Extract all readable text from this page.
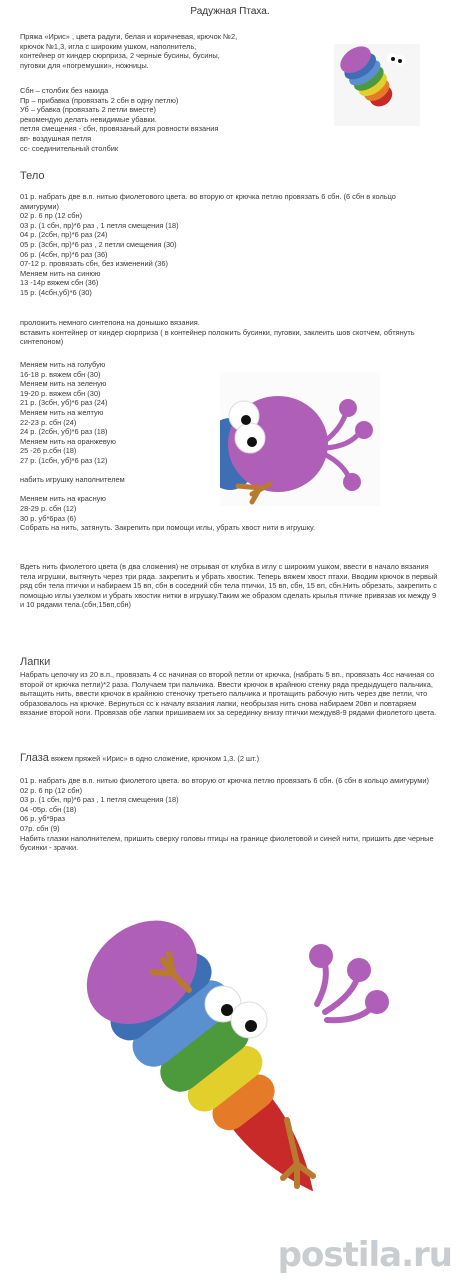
Радужная Птаха.
Пряжа «Ирис» , цвета радуги, белая и коричневая, крючок №2,
крючок №1,3, игла с широким ушком, наполнитель,
контейнер от киндер сюрприза, 2 черные бусины, бусины,
пуговки для «погремушки», ножницы.
Сбн – столбик без накида
Пр – прибавка (провязать 2 сбн в одну петлю)
Уб – убавка (провязать 2 петли вместе)
рекомендую делать невидимые убавки.
петля смещения - сбн, провязаный для ровности вязания
вп- воздушная петля
сс- соединительный столбик
Тело
01 р. набрать две в.п. нитью фиолетового цвета. во вторую от крючка петлю провязать 6 сбн. (6 сбн в кольцо амигуруми)
02 р. 6 пр (12 сбн)
03 р. (1 сбн, пр)*6 раз , 1 петля смещения (18)
04 р. (2сбн, пр)*6 раз (24)
05 р. (3сбн, пр)*6 раз , 2 петли смещения (30)
06 р. (4сбн, пр)*6 раз (36)
07-12 р. провязать сбн, без изменений (36)
Меняем нить на синюю
13 -14р вяжем сбн (36)
15 р. (4сбн,уб)*6 (30)
проложить немного синтепона на донышко вязания.
вставить контейнер от киндер сюрприза ( в контейнер положить бусинки, пуговки, заклеить шов скотчем, обтянуть синтепоном)
Меняем нить на голубую
16-18 р. вяжем сбн (30)
Меняем нить на зеленую
19-20 р. вяжем сбн (30)
21 р. (3сбн, уб)*6 раз (24)
Меняем нить на желтую
22-23 р. сбн (24)
24 р. (2сбн, уб)*6 раз (18)
Меняем нить на оранжевую
25 -26 р.сбн (18)
27 р. (1сбн, уб)*6 раз (12)

набить игрушку наполнителем

Меняем нить на красную
28-29 р. сбн (12)
30 р. уб*6раз (6)
Собрать на нить, затянуть. Закрепить при помощи иглы, убрать хвост нити в игрушку.
Вдеть нить фиолетого цвета (в два сложения) не отрывая от клубка в иглу с широким ушком, ввести в начало вязания тела игрушки, вытянуть через три ряда. закрепить и убрать хвостик. Теперь вяжем хвост птахи. Вводим крючок в первый ряд сбн тела птички и набираем 15 вп, сбн в соседний сбн тела птички, 15 вп, сбн, 15 вп, сбн.Нить обрезать, закрепить с помощью иглы узелком и убрать хвостик нитки в игрушку.Таким же образом сделать крылья птичке привязав их между 9 и 10 рядами тела.(сбн,15вп,сбн)
Лапки
Набрать цепочку из 20 в.п., провязать 4 сс начиная со второй петли от крючка, (набрать 5 вп., провязать 4сс начиная со второй от крючка петли)*2 раза. Получаем три пальчика. Ввести крючок в крайнюю стенку ряда предыдущего пальчика, вытащить нить, ввести крючок в крайнюю стеночку третьего пальчика и протащить рабочую нить через две петли, что образовалось на крючке. Вернуться сс к началу вязания лапки, необрызая нить снова набираем 20вп и повтаряем вязание второй ноги. Провязав обе лапки пришиваем их за серединку внизу птички междув8-9 рядами фиолетого цвета.
Глаза вяжем пряжей «Ирис» в одно сложение, крючком 1,3. (2 шт.)
01 р. набрать две в.п. нитью фиолетого цвета. во вторую от крючка петлю провязать 6 сбн. (6 сбн в кольцо амигуруми)
02 р. 6 пр (12 сбн)
03 р. (1 сбн, пр)*6 раз , 1 петля смещения (18)
04 -05р. сбн (18)
06 р. уб*9раз
07р. сбн (9)
Набить глазки наполнителем, пришить сверху головы птицы на границе фиолетовой и синей нити, пришить две черные бусинки - зрачки.
postila.ru
